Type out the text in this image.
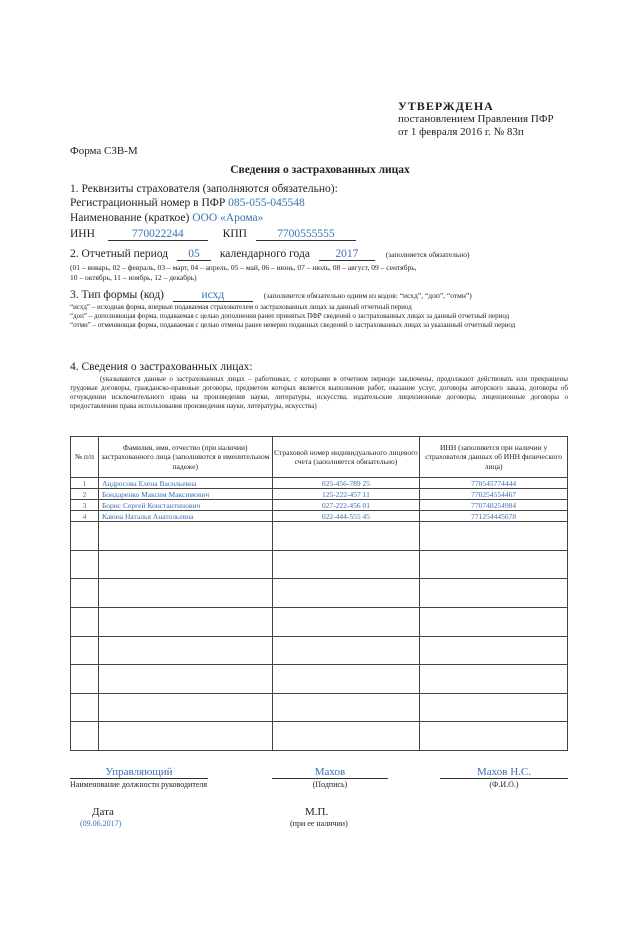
УТВЕРЖДЕНА
постановлением Правления ПФР
от 1 февраля 2016 г. № 83п
Форма СЗВ-М
Сведения о застрахованных лицах
1. Реквизиты страхователя (заполняются обязательно):
Регистрационный номер в ПФР 085-055-045548
Наименование (краткое) ООО «Арома»
ИНН	770022244	КПП	7700555555
2. Отчетный период 05 календарного года 2017	(заполняется обязательно)
(01 – январь, 02 – февраль, 03 – март, 04 – апрель, 05 – май, 06 – июнь, 07 – июль, 08 – август, 09 – сентябрь,
10 – октябрь, 11 – ноябрь, 12 – декабрь)
3. Тип формы (код)	исхд	(заполняется обязательно одним из кодов: “исхд”, “доп”, “отмн”)
“исхд” – исходная форма, впервые подаваемая страхователем о застрахованных лицах за данный отчетный период
“доп” – дополняющая форма, подаваемая с целью дополнения ранее принятых ПФР сведений о застрахованных лицах за данный отчетный период
“отмн” – отменяющая форма, подаваемая с целью отмены ранее неверно поданных сведений о застрахованных лицах за указанный отчетный период
4. Сведения о застрахованных лицах:
(указываются данные о застрахованных лицах – работниках, с которыми в отчетном периоде заключены, продолжают действовать или прекращены трудовые договоры, гражданско-правовые договоры, предметом которых является выполнение работ, оказание услуг, договоры авторского заказа, договоры об отчуждении исключительного права на произведения науки, литературы, искусства, издательские лицензионные договоры, лицензионные договоры о предоставлении права использования произведения науки, литературы, искусства)
№ п/п	Фамилия, имя, отчество (при наличии) застрахованного лица (заполняются в именительном падеже)	Страховой номер индивидуального лицевого счета (заполняется обязательно)	ИНН (заполняется при наличии у страхователя данных об ИНН физического лица)
1	Андросова Елена Васильевна	025-456-789 25	770545774444
2	Бондаренко Максим Максимович	125-222-457 11	770254554467
3	Борис Сергей Константинович	027-222-456 01	770748254984
4	Каюна Наталья Анатольевна	022-444-555 45	771254445678

Управляющий
Наименование должности руководителя
Махов
(Подпись)
Махов Н.С.
(Ф.И.О.)
Дата
(09.06.2017)
М.П.
(при ее наличии)
